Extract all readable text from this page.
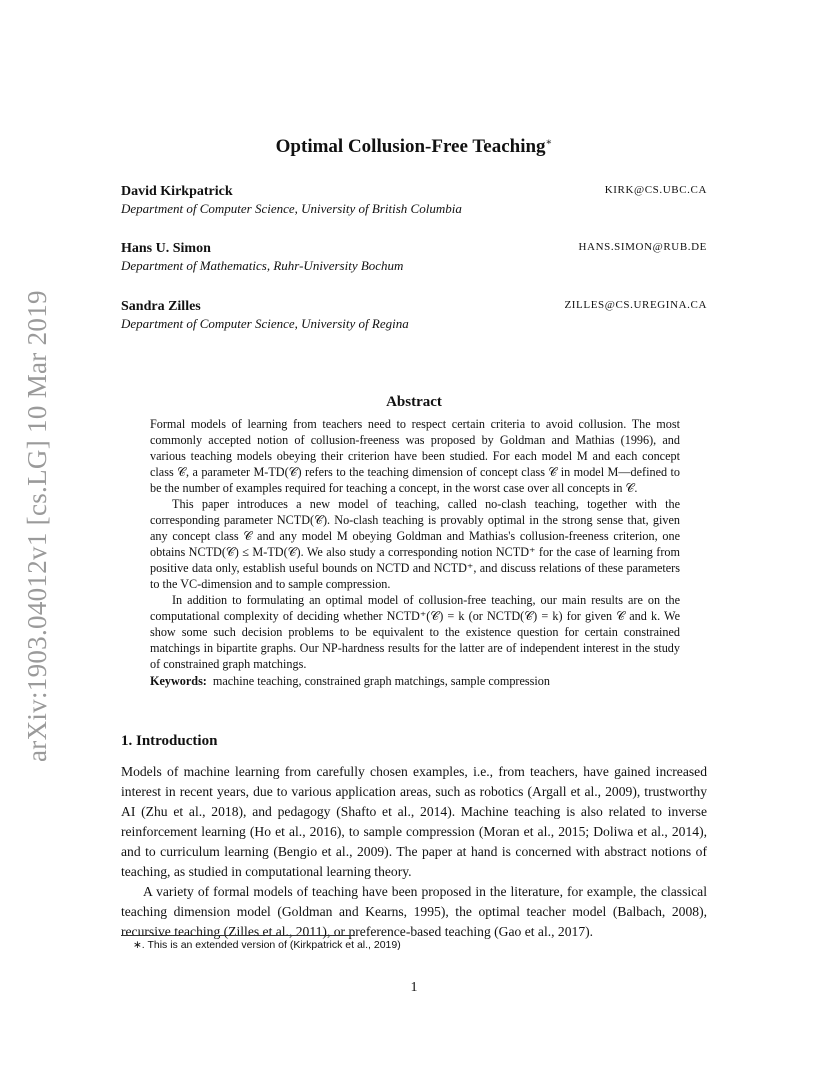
arXiv:1903.04012v1 [cs.LG] 10 Mar 2019
Optimal Collusion-Free Teaching∗
David Kirkpatrick	KIRK@CS.UBC.CA
Department of Computer Science, University of British Columbia
Hans U. Simon	HANS.SIMON@RUB.DE
Department of Mathematics, Ruhr-University Bochum
Sandra Zilles	ZILLES@CS.UREGINA.CA
Department of Computer Science, University of Regina
Abstract

Formal models of learning from teachers need to respect certain criteria to avoid collusion. The most commonly accepted notion of collusion-freeness was proposed by Goldman and Mathias (1996), and various teaching models obeying their criterion have been studied. For each model M and each concept class 𝒞, a parameter M-TD(𝒞) refers to the teaching dimension of concept class 𝒞 in model M—defined to be the number of examples required for teaching a concept, in the worst case over all concepts in 𝒞.

This paper introduces a new model of teaching, called no-clash teaching, together with the corresponding parameter NCTD(𝒞). No-clash teaching is provably optimal in the strong sense that, given any concept class 𝒞 and any model M obeying Goldman and Mathias's collusion-freeness criterion, one obtains NCTD(𝒞) ≤ M-TD(𝒞). We also study a corresponding notion NCTD⁺ for the case of learning from positive data only, establish useful bounds on NCTD and NCTD⁺, and discuss relations of these parameters to the VC-dimension and to sample compression.

In addition to formulating an optimal model of collusion-free teaching, our main results are on the computational complexity of deciding whether NCTD⁺(𝒞) = k (or NCTD(𝒞) = k) for given 𝒞 and k. We show some such decision problems to be equivalent to the existence question for certain constrained matchings in bipartite graphs. Our NP-hardness results for the latter are of independent interest in the study of constrained graph matchings.

Keywords: machine teaching, constrained graph matchings, sample compression
1. Introduction

Models of machine learning from carefully chosen examples, i.e., from teachers, have gained increased interest in recent years, due to various application areas, such as robotics (Argall et al., 2009), trustworthy AI (Zhu et al., 2018), and pedagogy (Shafto et al., 2014). Machine teaching is also related to inverse reinforcement learning (Ho et al., 2016), to sample compression (Moran et al., 2015; Doliwa et al., 2014), and to curriculum learning (Bengio et al., 2009). The paper at hand is concerned with abstract notions of teaching, as studied in computational learning theory.

A variety of formal models of teaching have been proposed in the literature, for example, the classical teaching dimension model (Goldman and Kearns, 1995), the optimal teacher model (Balbach, 2008), recursive teaching (Zilles et al., 2011), or preference-based teaching (Gao et al., 2017).

∗. This is an extended version of (Kirkpatrick et al., 2019)
1
